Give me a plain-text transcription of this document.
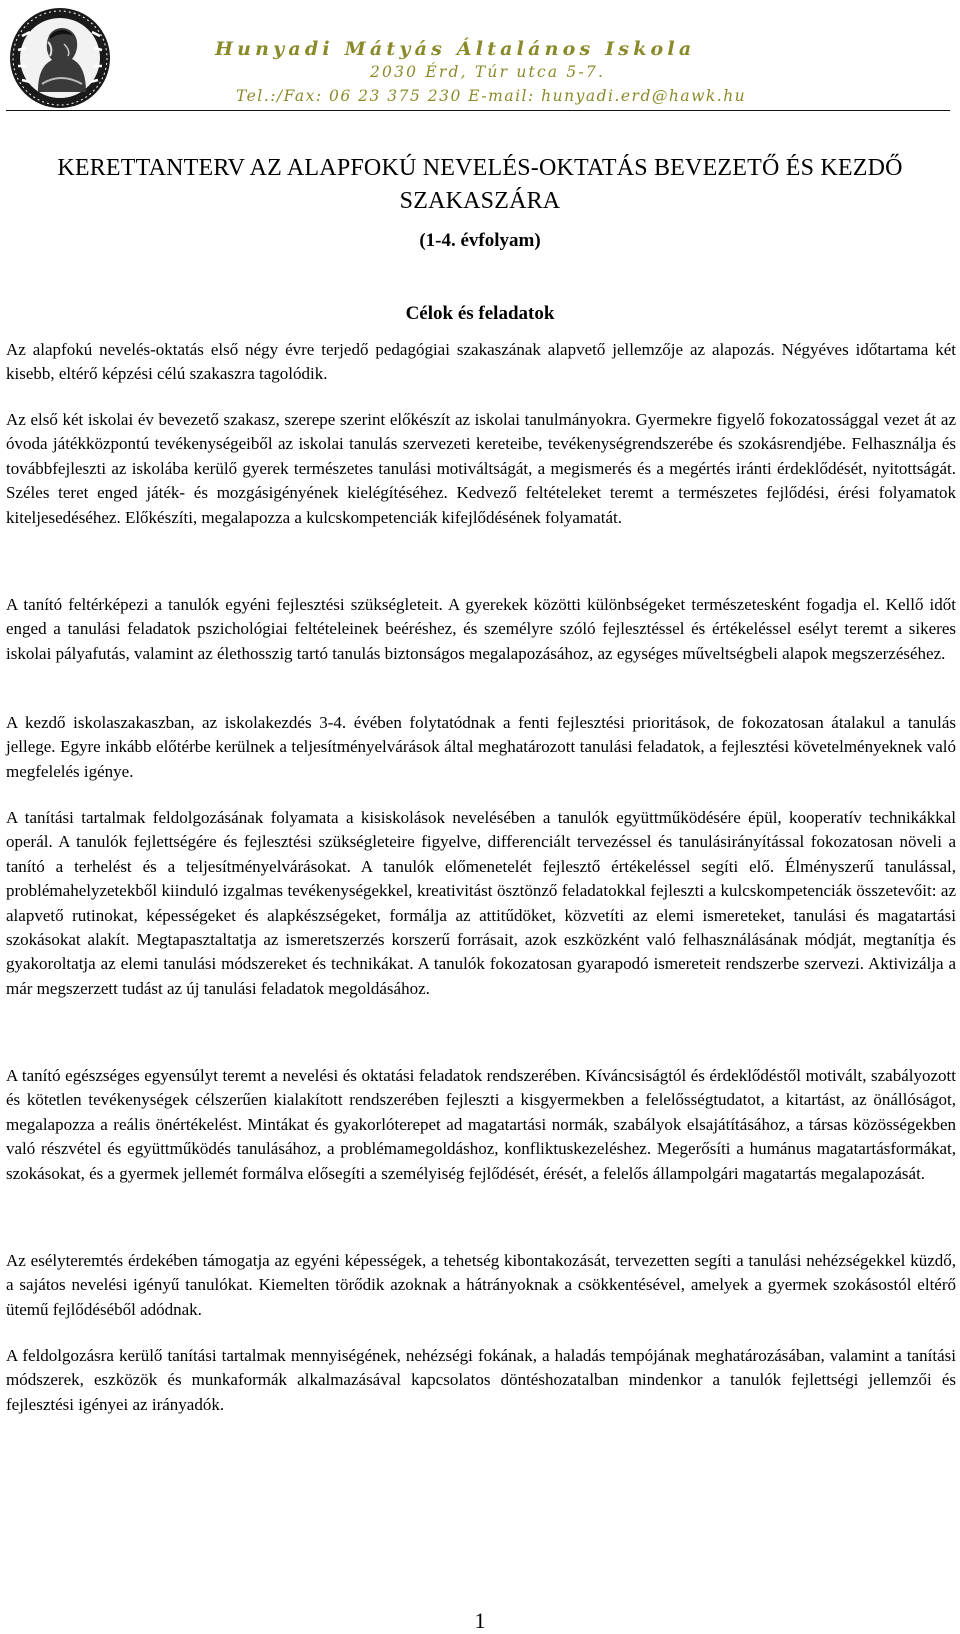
Hunyadi Mátyás Általános Iskola
2030 Érd, Túr utca 5-7.
Tel.:/Fax: 06 23 375 230 E-mail: hunyadi.erd@hawk.hu
KERETTANTERV AZ ALAPFOKÚ NEVELÉS-OKTATÁS BEVEZETŐ ÉS KEZDŐ SZAKASZÁRA
(1-4. évfolyam)
Célok és feladatok

Az alapfokú nevelés-oktatás első négy évre terjedő pedagógiai szakaszának alapvető jellemzője az alapozás. Négyéves időtartama két kisebb, eltérő képzési célú szakaszra tagolódik.

Az első két iskolai év bevezető szakasz, szerepe szerint előkészít az iskolai tanulmányokra. Gyermekre figyelő fokozatossággal vezet át az óvoda játékközpontú tevékenységeiből az iskolai tanulás szervezeti kereteibe, tevékenységrendszerébe és szokásrendjébe. Felhasználja és továbbfejleszti az iskolába kerülő gyerek természetes tanulási motiváltságát, a megismerés és a megértés iránti érdeklődését, nyitottságát. Széles teret enged játék- és mozgásigényének kielégítéséhez. Kedvező feltételeket teremt a természetes fejlődési, érési folyamatok kiteljesedéséhez. Előkészíti, megalapozza a kulcskompetenciák kifejlődésének folyamatát.

A tanító feltérképezi a tanulók egyéni fejlesztési szükségleteit. A gyerekek közötti különbségeket természetesként fogadja el. Kellő időt enged a tanulási feladatok pszichológiai feltételeinek beéréshez, és személyre szóló fejlesztéssel és értékeléssel esélyt teremt a sikeres iskolai pályafutás, valamint az élethosszig tartó tanulás biztonságos megalapozásához, az egységes műveltségbeli alapok megszerzéséhez.

A kezdő iskolaszakaszban, az iskolakezdés 3-4. évében folytatódnak a fenti fejlesztési prioritások, de fokozatosan átalakul a tanulás jellege. Egyre inkább előtérbe kerülnek a teljesítményelvárások által meghatározott tanulási feladatok, a fejlesztési követelményeknek való megfelelés igénye.

A tanítási tartalmak feldolgozásának folyamata a kisiskolások nevelésében a tanulók együttműködésére épül, kooperatív technikákkal operál. A tanulók fejlettségére és fejlesztési szükségleteire figyelve, differenciált tervezéssel és tanulásirányítással fokozatosan növeli a tanító a terhelést és a teljesítményelvárásokat. A tanulók előmenetelét fejlesztő értékeléssel segíti elő. Élményszerű tanulással, problémahelyzetekből kiinduló izgalmas tevékenységekkel, kreativitást ösztönző feladatokkal fejleszti a kulcskompetenciák összetevőit: az alapvető rutinokat, képességeket és alapkészségeket, formálja az attitűdöket, közvetíti az elemi ismereteket, tanulási és magatartási szokásokat alakít. Megtapasztaltatja az ismeretszerzés korszerű forrásait, azok eszközként való felhasználásának módját, megtanítja és gyakoroltatja az elemi tanulási módszereket és technikákat. A tanulók fokozatosan gyarapodó ismereteit rendszerbe szervezi. Aktivizálja a már megszerzett tudást az új tanulási feladatok megoldásához.

A tanító egészséges egyensúlyt teremt a nevelési és oktatási feladatok rendszerében. Kíváncsiságtól és érdeklődéstől motivált, szabályozott és kötetlen tevékenységek célszerűen kialakított rendszerében fejleszti a kisgyermekben a felelősségtudatot, a kitartást, az önállóságot, megalapozza a reális önértékelést. Mintákat és gyakorlóterepet ad magatartási normák, szabályok elsajátításához, a társas közösségekben való részvétel és együttműködés tanulásához, a problémamegoldáshoz, konfliktuskezeléshez. Megerősíti a humánus magatartásformákat, szokásokat, és a gyermek jellemét formálva elősegíti a személyiség fejlődését, érését, a felelős állampolgári magatartás megalapozását.

Az esélyteremtés érdekében támogatja az egyéni képességek, a tehetség kibontakozását, tervezetten segíti a tanulási nehézségekkel küzdő, a sajátos nevelési igényű tanulókat. Kiemelten törődik azoknak a hátrányoknak a csökkentésével, amelyek a gyermek szokásostól eltérő ütemű fejlődéséből adódnak.

A feldolgozásra kerülő tanítási tartalmak mennyiségének, nehézségi fokának, a haladás tempójának meghatározásában, valamint a tanítási módszerek, eszközök és munkaformák alkalmazásával kapcsolatos döntéshozatalban mindenkor a tanulók fejlettségi jellemzői és fejlesztési igényei az irányadók.

1
